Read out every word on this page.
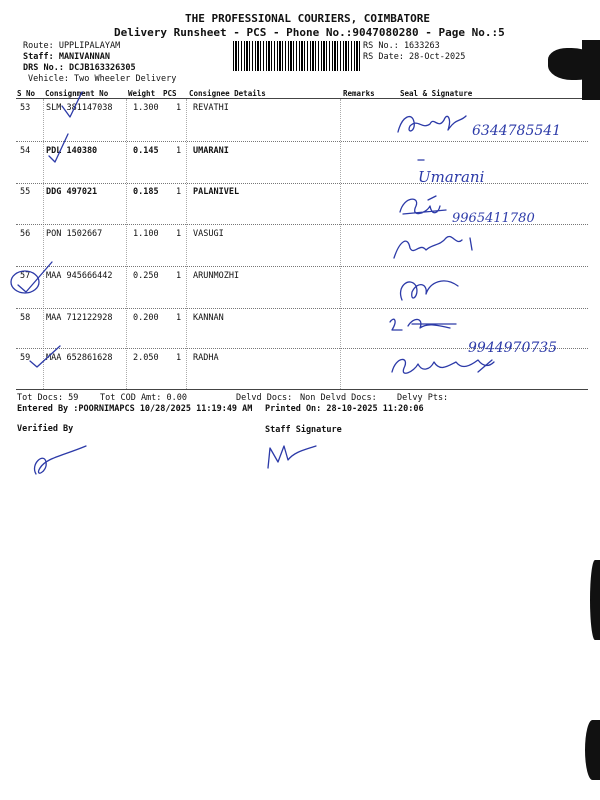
THE PROFESSIONAL COURIERS, COIMBATORE
Delivery Runsheet - PCS - Phone No.:9047080280 - Page No.:5
Route: UPPLIPALAYAM
Staff: MANIVANNAN
DRS No.: DCJB163326305
Vehicle: Two Wheeler Delivery
RS No.: 1633263
RS Date: 28-Oct-2025
S No Consignment No	Weight PCS Consignee Details	Remarks	Seal & Signature
53 SLM 381147038 1.300 1 REVATHI
54 PDL 140380	0.145 1 UMARANI
55 DDG 497021	0.185 1 PALANIVEL
56 PON 1502667	1.100 1 VASUGI
57 MAA 945666442 0.250 1 ARUNMOZHI
58 MAA 712122928 0.200 1 KANNAN
59 MAA 652861628 2.050 1 RADHA
Tot Docs: 59	Tot COD Amt: 0.00	Delvd Docs: Non Delvd Docs: Delvy Pts:
Entered By :POORNIMAPCS 10/28/2025 11:19:49 AM Printed On: 28-10-2025 11:20:06
Verified By	Staff Signature
6344785541
Umarani
9965411780
9944970735
